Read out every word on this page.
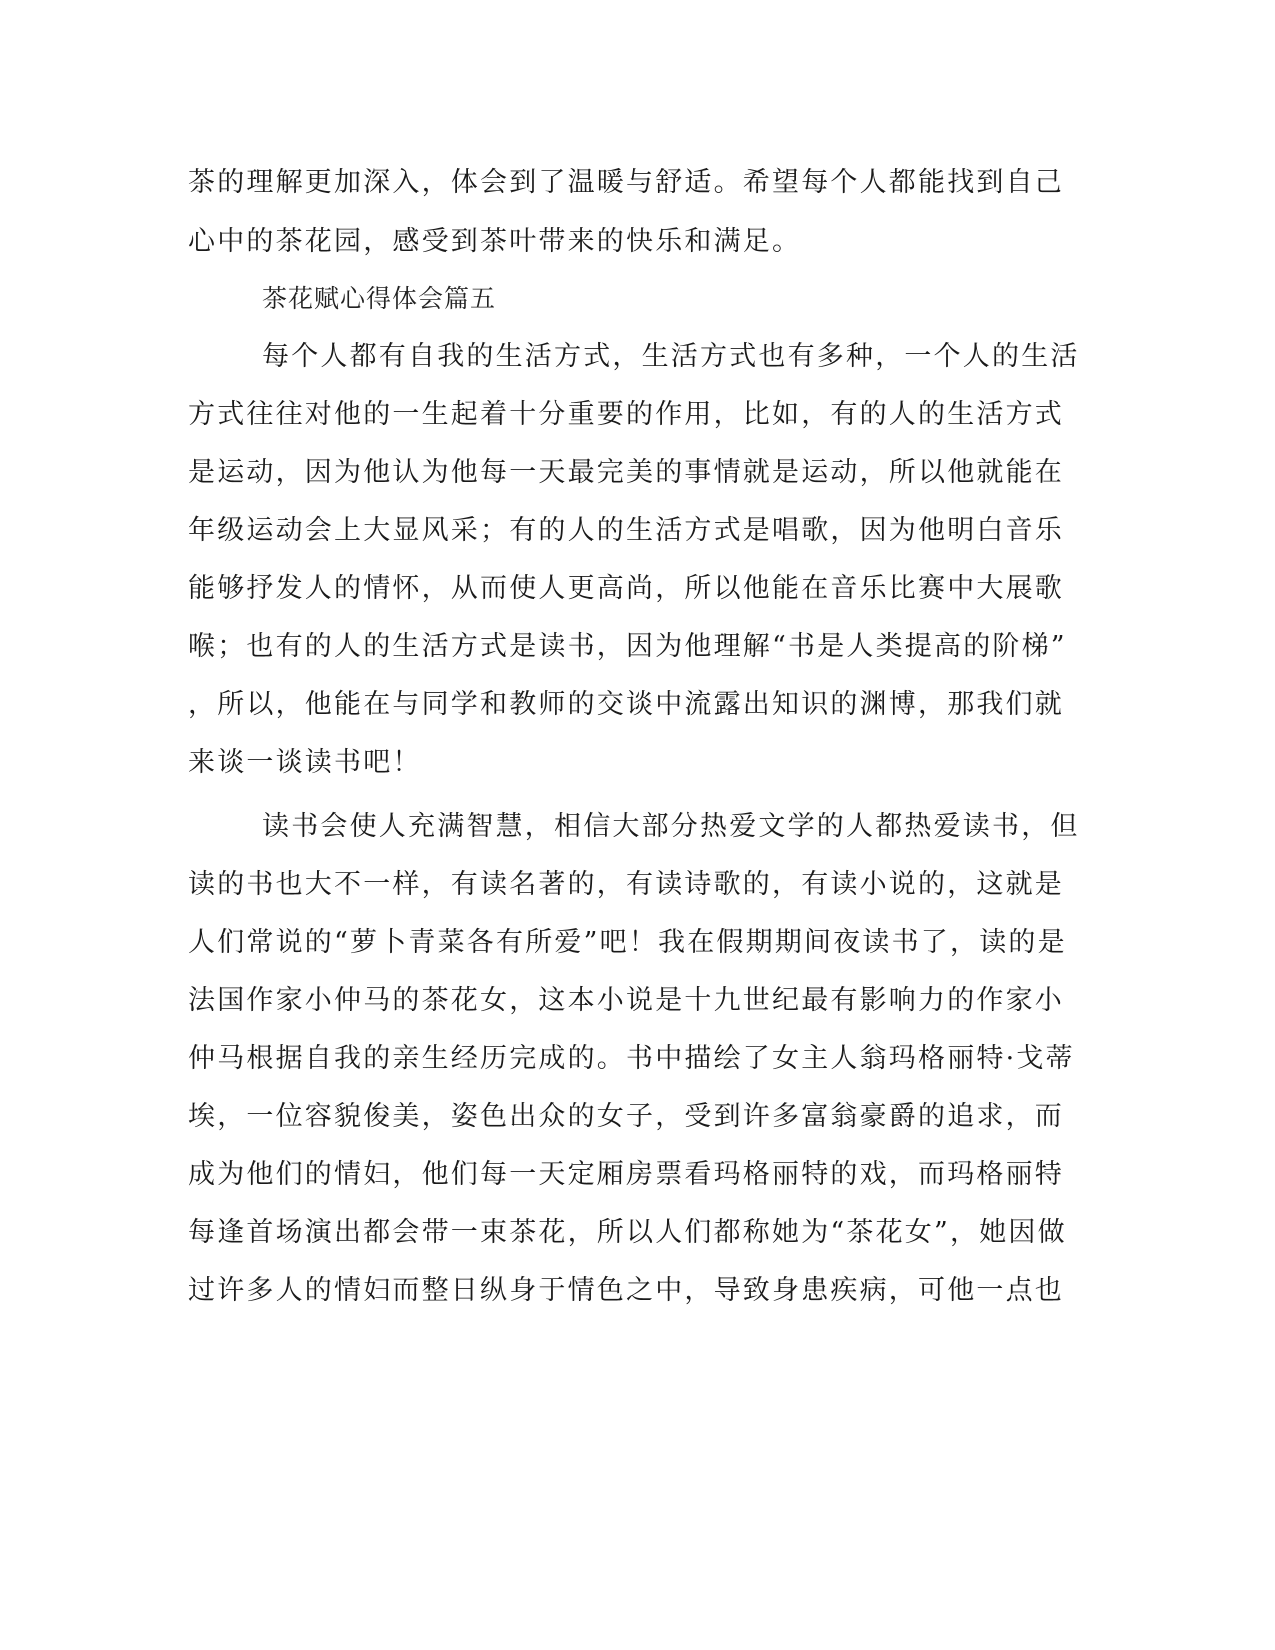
茶的理解更加深入，体会到了温暖与舒适。希望每个人都能找到自己
心中的茶花园，感受到茶叶带来的快乐和满足。
茶花赋心得体会篇五
每个人都有自我的生活方式，生活方式也有多种，一个人的生活
方式往往对他的一生起着十分重要的作用，比如，有的人的生活方式
是运动，因为他认为他每一天最完美的事情就是运动，所以他就能在
年级运动会上大显风采；有的人的生活方式是唱歌，因为他明白音乐
能够抒发人的情怀，从而使人更高尚，所以他能在音乐比赛中大展歌
喉；也有的人的生活方式是读书，因为他理解“书是人类提高的阶梯”
，所以，他能在与同学和教师的交谈中流露出知识的渊博，那我们就
来谈一谈读书吧！
读书会使人充满智慧，相信大部分热爱文学的人都热爱读书，但
读的书也大不一样，有读名著的，有读诗歌的，有读小说的，这就是
人们常说的“萝卜青菜各有所爱”吧！我在假期期间夜读书了，读的是
法国作家小仲马的茶花女，这本小说是十九世纪最有影响力的作家小
仲马根据自我的亲生经历完成的。书中描绘了女主人翁玛格丽特·戈蒂
埃，一位容貌俊美，姿色出众的女子，受到许多富翁豪爵的追求，而
成为他们的情妇，他们每一天定厢房票看玛格丽特的戏，而玛格丽特
每逢首场演出都会带一束茶花，所以人们都称她为“茶花女”，她因做
过许多人的情妇而整日纵身于情色之中，导致身患疾病，可他一点也
